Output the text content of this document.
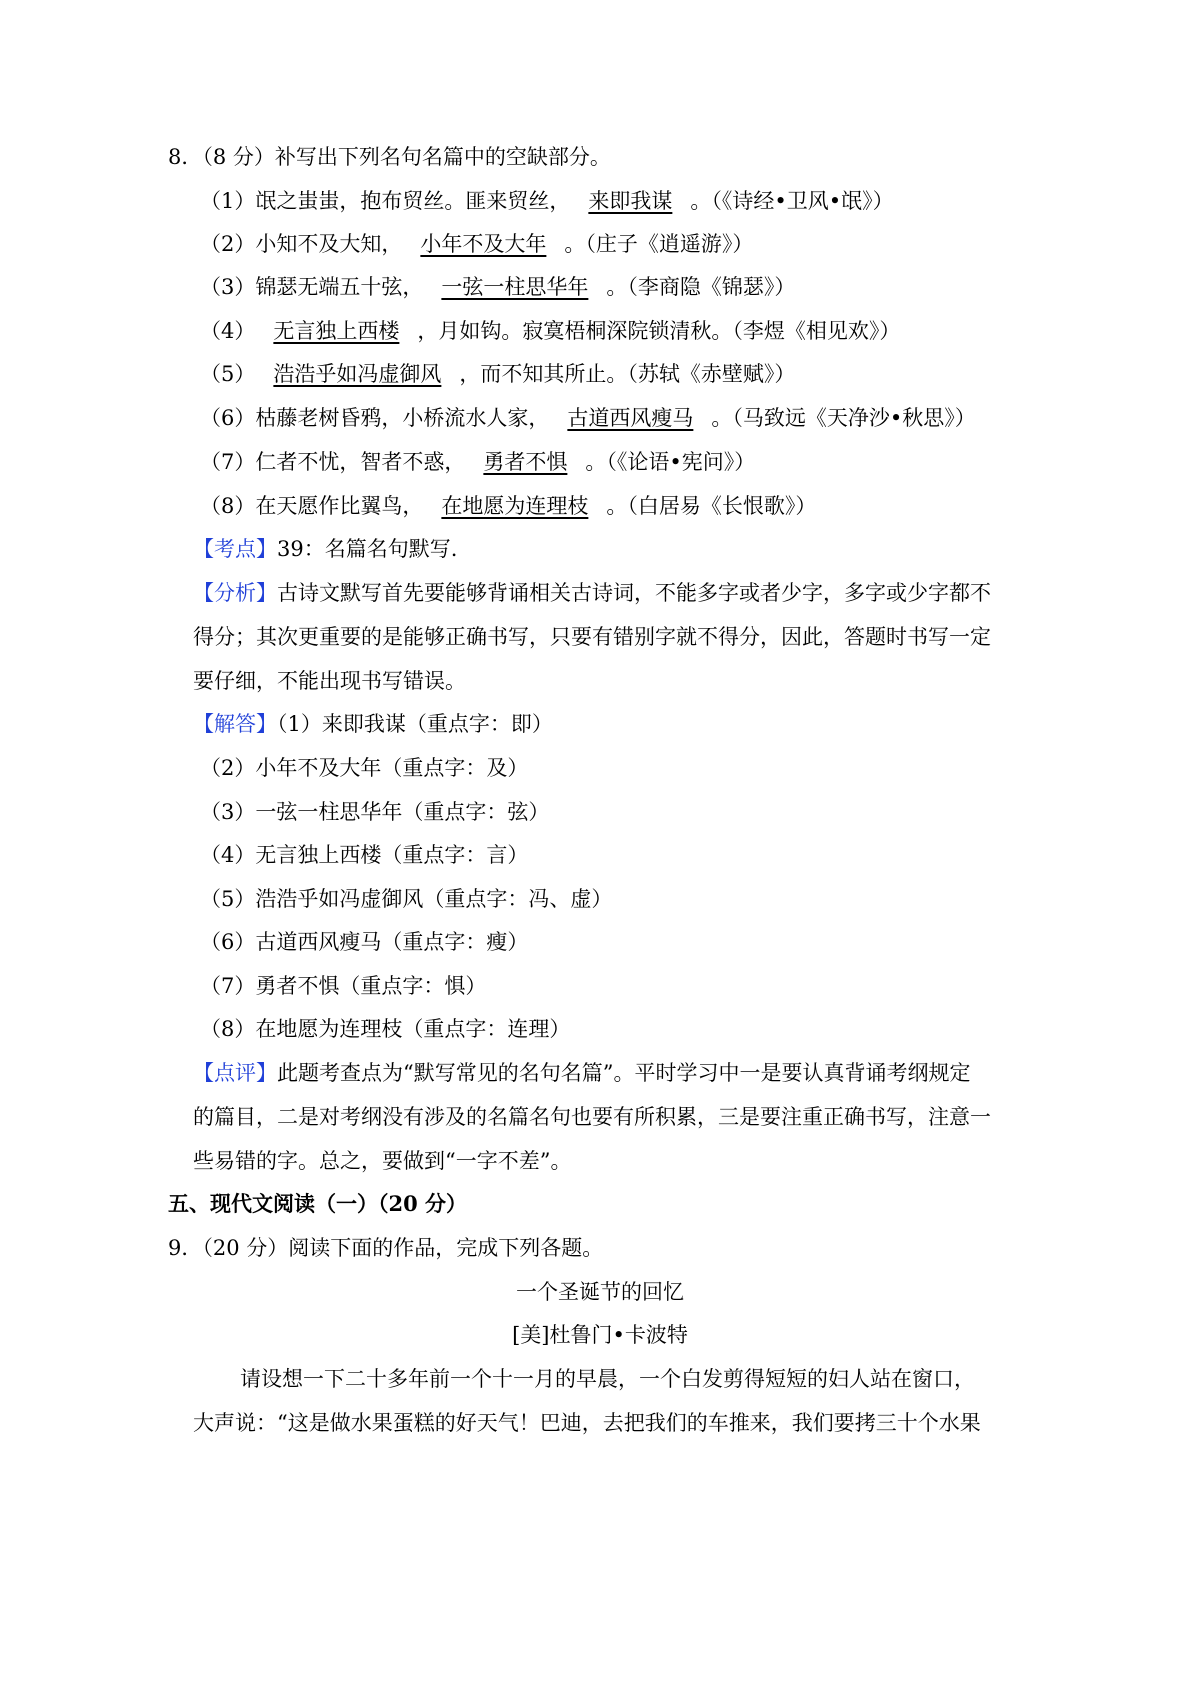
8．（8 分）补写出下列名句名篇中的空缺部分。
（1）氓之蚩蚩，抱布贸丝。匪来贸丝， 来即我谋 。（《诗经•卫风•氓》）
（2）小知不及大知， 小年不及大年 。（庄子《逍遥游》）
（3）锦瑟无端五十弦， 一弦一柱思华年 。（李商隐《锦瑟》）
（4） 无言独上西楼 ，月如钩。寂寞梧桐深院锁清秋。（李煜《相见欢》）
（5） 浩浩乎如冯虚御风 ，而不知其所止。（苏轼《赤壁赋》）
（6）枯藤老树昏鸦，小桥流水人家， 古道西风瘦马 。（马致远《天净沙•秋思》）
（7）仁者不忧，智者不惑， 勇者不惧 。（《论语•宪问》）
（8）在天愿作比翼鸟， 在地愿为连理枝 。（白居易《长恨歌》）
【考点】39：名篇名句默写.
【分析】古诗文默写首先要能够背诵相关古诗词，不能多字或者少字，多字或少字都不
得分；其次更重要的是能够正确书写，只要有错别字就不得分，因此，答题时书写一定
要仔细，不能出现书写错误。
【解答】（1）来即我谋（重点字：即）
（2）小年不及大年（重点字：及）
（3）一弦一柱思华年（重点字：弦）
（4）无言独上西楼（重点字：言）
（5）浩浩乎如冯虚御风（重点字：冯、虚）
（6）古道西风瘦马（重点字：瘦）
（7）勇者不惧（重点字：惧）
（8）在地愿为连理枝（重点字：连理）
【点评】此题考查点为“默写常见的名句名篇”。平时学习中一是要认真背诵考纲规定
的篇目，二是对考纲没有涉及的名篇名句也要有所积累，三是要注重正确书写，注意一
些易错的字。总之，要做到“一字不差”。
五、现代文阅读（一）（20 分）
9．（20 分）阅读下面的作品，完成下列各题。
一个圣诞节的回忆
[美]杜鲁门•卡波特
请设想一下二十多年前一个十一月的早晨，一个白发剪得短短的妇人站在窗口，
大声说：“这是做水果蛋糕的好天气！巴迪，去把我们的车推来，我们要拷三十个水果
